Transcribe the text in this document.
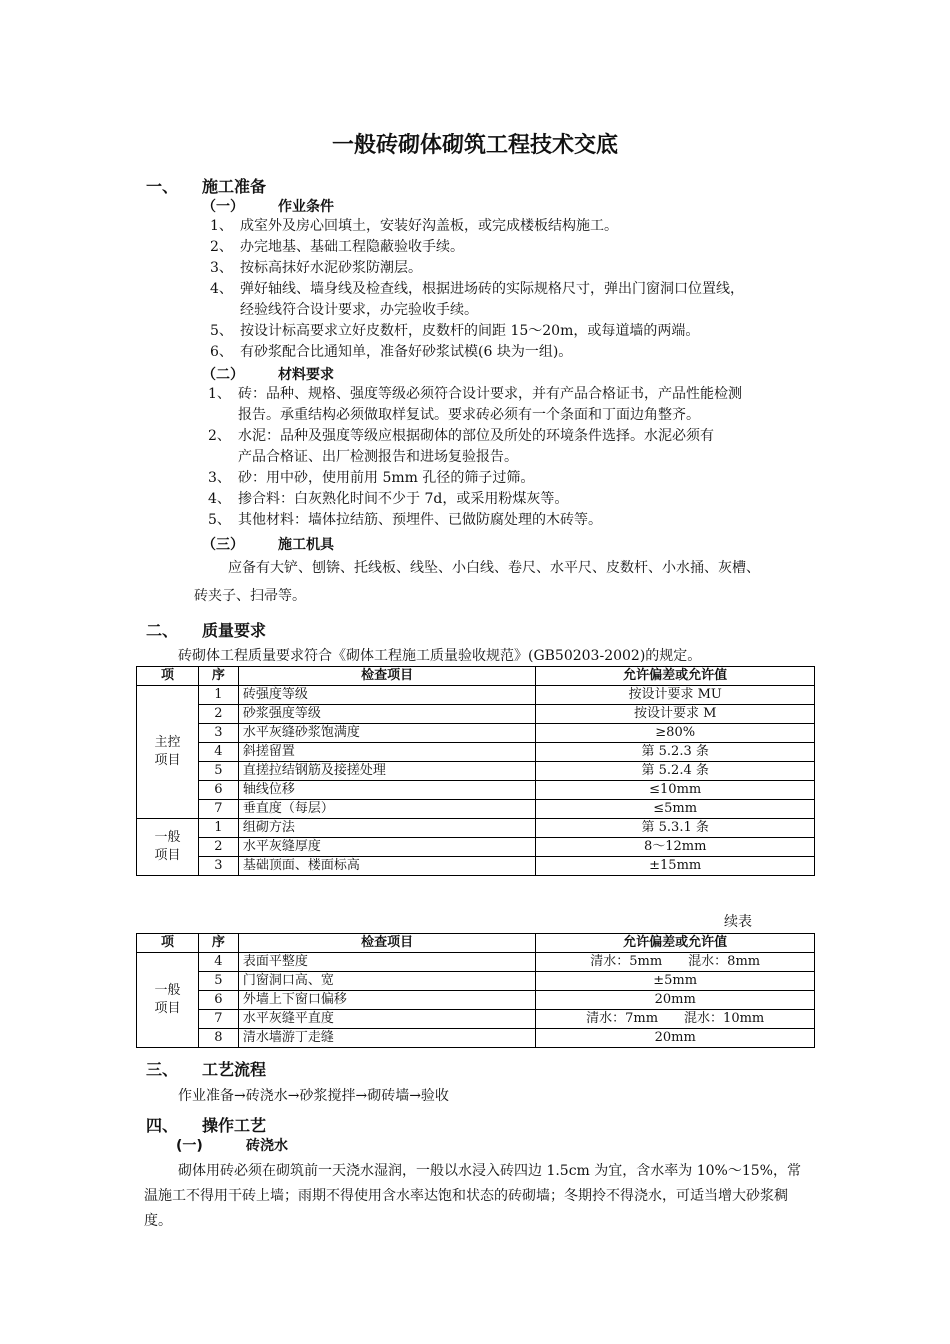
一般砖砌体砌筑工程技术交底
一、 施工准备
（一） 作业条件
1、 成室外及房心回填土，安装好沟盖板，或完成楼板结构施工。
2、 办完地基、基础工程隐蔽验收手续。
3、 按标高抹好水泥砂浆防潮层。
4、 弹好轴线、墙身线及检查线，根据进场砖的实际规格尺寸，弹出门窗洞口位置线，
经验线符合设计要求，办完验收手续。
5、 按设计标高要求立好皮数杆，皮数杆的间距 15～20m，或每道墙的两端。
6、 有砂浆配合比通知单，准备好砂浆试模(6 块为一组)。
（二） 材料要求
1、 砖：品种、规格、强度等级必须符合设计要求，并有产品合格证书，产品性能检测
报告。承重结构必须做取样复试。要求砖必须有一个条面和丁面边角整齐。
2、 水泥：品种及强度等级应根据砌体的部位及所处的环境条件选择。水泥必须有
产品合格证、出厂检测报告和进场复验报告。
3、 砂：用中砂，使用前用 5mm 孔径的筛子过筛。
4、 掺合料：白灰熟化时间不少于 7d，或采用粉煤灰等。
5、 其他材料：墙体拉结筋、预埋件、已做防腐处理的木砖等。
（三） 施工机具
应备有大铲、刨锛、托线板、线坠、小白线、卷尺、水平尺、皮数杆、小水捅、灰槽、
砖夹子、扫帚等。
二、 质量要求
砖砌体工程质量要求符合《砌体工程施工质量验收规范》(GB50203-2002)的规定。
项	序	检查项目	允许偏差或允许值
主控
项目	1	砖强度等级	按设计要求 MU
	2	砂浆强度等级	按设计要求 M
	3	水平灰缝砂浆饱满度	≥80%
	4	斜搓留置	第 5.2.3 条
	5	直搓拉结钢筋及接搓处理	第 5.2.4 条
	6	轴线位移	≤10mm
	7	垂直度（每层）	≤5mm
一般
项目	1	组砌方法	第 5.3.1 条
	2	水平灰缝厚度	8～12mm
	3	基础顶面、楼面标高	±15mm
续表
项	序	检查项目	允许偏差或允许值
一般
项目	4	表面平整度	清水：5mm　　混水：8mm
	5	门窗洞口高、宽	±5mm
	6	外墙上下窗口偏移	20mm
	7	水平灰缝平直度	清水：7mm　　混水：10mm
	8	清水墙游丁走缝	20mm
三、 工艺流程
作业准备→砖浇水→砂浆搅拌→砌砖墙→验收
四、 操作工艺
(一)	砖浇水
砌体用砖必须在砌筑前一天浇水湿润，一般以水浸入砖四边 1.5cm 为宜，含水率为 10%～15%，常温施工不得用干砖上墙；雨期不得使用含水率达饱和状态的砖砌墙；冬期拎不得浇水，可适当增大砂浆稠度。
